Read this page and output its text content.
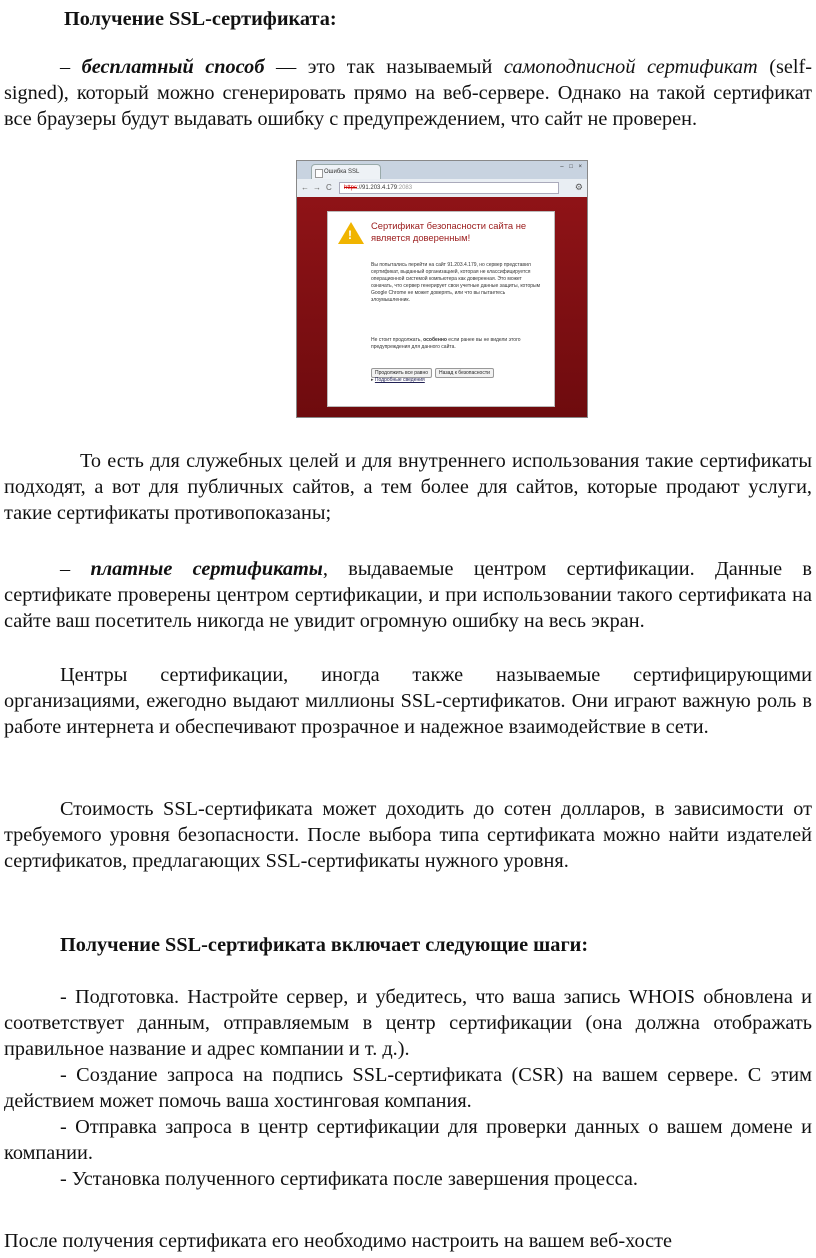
Получение SSL-сертификата:

– бесплатный способ — это так называемый самоподписной сертификат (self-signed), который можно сгенерировать прямо на веб-сервере. Однако на такой сертификат все браузеры будут выдавать ошибку с предупреждением, что сайт не проверен.

Ошибка SSL
– □ ×
← → C	https://91.203.4.179:2083	⚙
!
Сертификат безопасности сайта не является доверенным!

Вы попытались перейти на сайт 91.203.4.179, но сервер представил сертификат, выданный организацией, которая не классифицируется операционной системой компьютера как доверенная. Это может означать, что сервер генерирует свои учетные данные защиты, которым Google Chrome не может доверять, или что вы пытаетесь злоумышленник.

Не стоит продолжать, особенно если ранее вы не видели этого предупреждения для данного сайта.

Продолжить все равно Назад к безопасности
▸ Подробные сведения

То есть для служебных целей и для внутреннего использования такие сертификаты подходят, а вот для публичных сайтов, а тем более для сайтов, которые продают услуги, такие сертификаты противопоказаны;

– платные сертификаты, выдаваемые центром сертификации. Данные в сертификате проверены центром сертификации, и при использовании такого сертификата на сайте ваш посетитель никогда не увидит огромную ошибку на весь экран.

Центры сертификации, иногда также называемые сертифицирующими организациями, ежегодно выдают миллионы SSL-сертификатов. Они играют важную роль в работе интернета и обеспечивают прозрачное и надежное взаимодействие в сети.

Стоимость SSL-сертификата может доходить до сотен долларов, в зависимости от требуемого уровня безопасности. После выбора типа сертификата можно найти издателей сертификатов, предлагающих SSL-сертификаты нужного уровня.

Получение SSL-сертификата включает следующие шаги:

- Подготовка. Настройте сервер, и убедитесь, что ваша запись WHOIS обновлена и соответствует данным, отправляемым в центр сертификации (она должна отображать правильное название и адрес компании и т. д.).

- Создание запроса на подпись SSL-сертификата (CSR) на вашем сервере. С этим действием может помочь ваша хостинговая компания.

- Отправка запроса в центр сертификации для проверки данных о вашем домене и компании.

- Установка полученного сертификата после завершения процесса.

После получения сертификата его необходимо настроить на вашем веб-хосте
